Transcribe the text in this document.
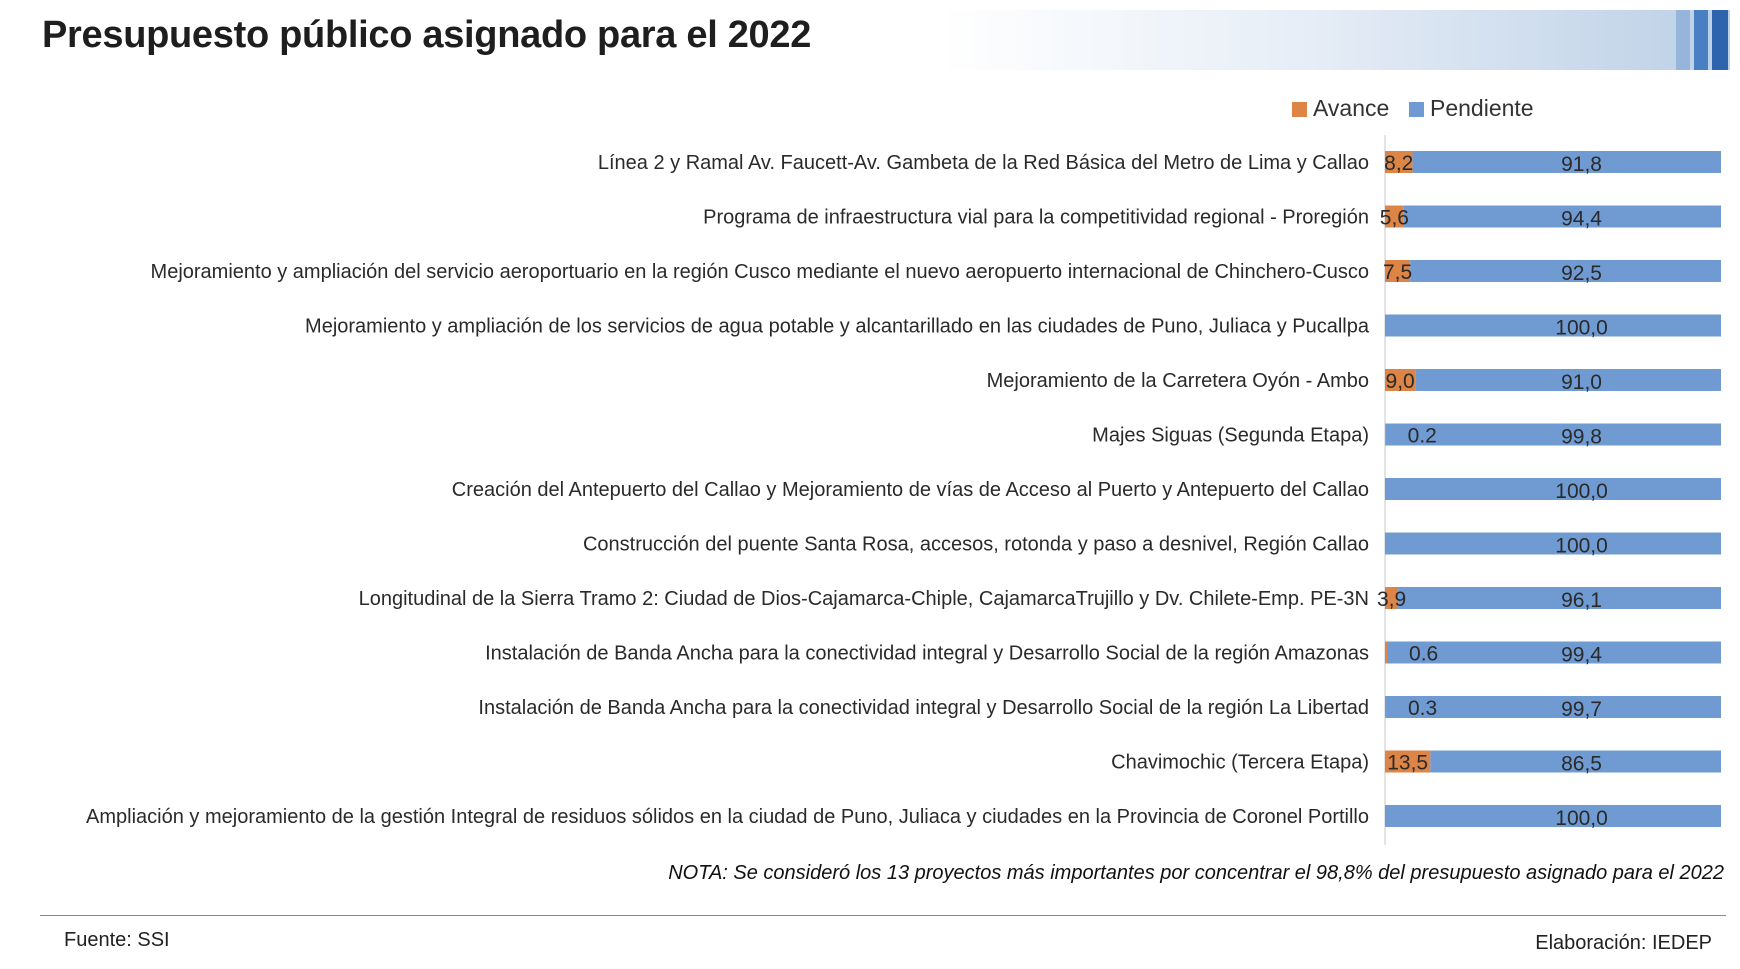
Presupuesto público asignado para el 2022
Avance Pendiente
Línea 2 y Ramal Av. Faucett-Av. Gambeta de la Red Básica del Metro de Lima y Callao 8,2	91,8
Programa de infraestructura vial para la competitividad regional - Proregión 5,6	94,4
Mejoramiento y ampliación del servicio aeroportuario en la región Cusco mediante el nuevo aeropuerto internacional de Chinchero-Cusco 7,5	92,5
Mejoramiento y ampliación de los servicios de agua potable y alcantarillado en las ciudades de Puno, Juliaca y Pucallpa	100,0
Mejoramiento de la Carretera Oyón - Ambo 9,0	91,0
Majes Siguas (Segunda Etapa) 0.2	99,8
Creación del Antepuerto del Callao y Mejoramiento de vías de Acceso al Puerto y Antepuerto del Callao	100,0
Construcción del puente Santa Rosa, accesos, rotonda y paso a desnivel, Región Callao	100,0
Longitudinal de la Sierra Tramo 2: Ciudad de Dios-Cajamarca-Chiple, CajamarcaTrujillo y Dv. Chilete-Emp. PE-3N 3,9	96,1
Instalación de Banda Ancha para la conectividad integral y Desarrollo Social de la región Amazonas 0.6	99,4
Instalación de Banda Ancha para la conectividad integral y Desarrollo Social de la región La Libertad 0.3	99,7
Chavimochic (Tercera Etapa) 13,5	86,5
Ampliación y mejoramiento de la gestión Integral de residuos sólidos en la ciudad de Puno, Juliaca y ciudades en la Provincia de Coronel Portillo	100,0
NOTA: Se consideró los 13 proyectos más importantes por concentrar el 98,8% del presupuesto asignado para el 2022
Fuente: SSI	Elaboración: IEDEP
